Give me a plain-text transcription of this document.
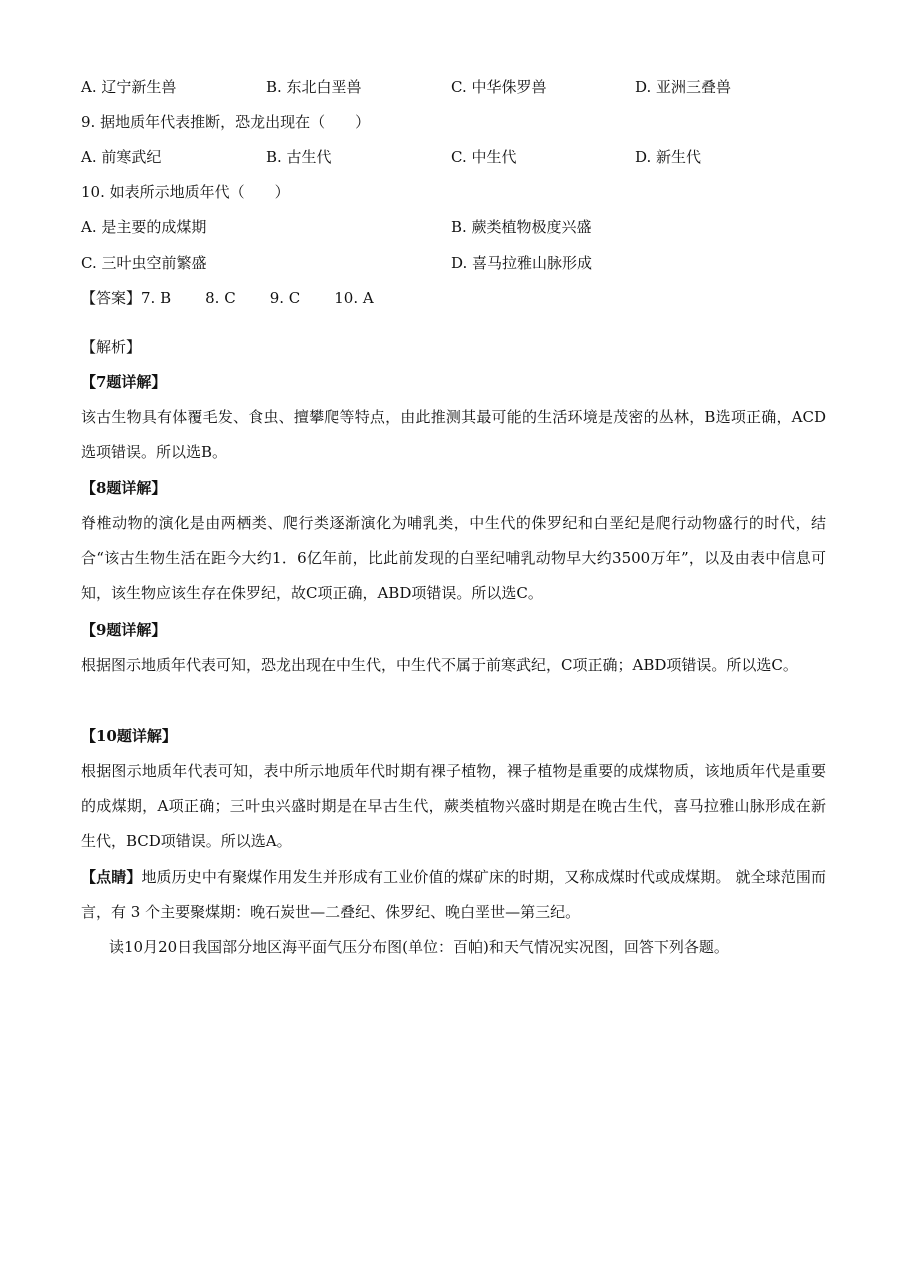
A. 辽宁新生兽	B. 东北白垩兽	C. 中华侏罗兽	D. 亚洲三叠兽
9. 据地质年代表推断，恐龙出现在（　　）
A. 前寒武纪	B. 古生代	C. 中生代	D. 新生代
10. 如表所示地质年代（　　）
A. 是主要的成煤期	B. 蕨类植物极度兴盛
C. 三叶虫空前繁盛	D. 喜马拉雅山脉形成
【答案】7. B 8. C 9. C 10. A
【解析】
【7题详解】
该古生物具有体覆毛发、食虫、擅攀爬等特点，由此推测其最可能的生活环境是茂密的丛林，B选项正确，ACD选项错误。所以选B。
【8题详解】
脊椎动物的演化是由两栖类、爬行类逐渐演化为哺乳类，中生代的侏罗纪和白垩纪是爬行动物盛行的时代，结合“该古生物生活在距今大约1．6亿年前，比此前发现的白垩纪哺乳动物早大约3500万年”，以及由表中信息可知，该生物应该生存在侏罗纪，故C项正确，ABD项错误。所以选C。
【9题详解】
根据图示地质年代表可知，恐龙出现在中生代，中生代不属于前寒武纪，C项正确；ABD项错误。所以选C。
【10题详解】
根据图示地质年代表可知，表中所示地质年代时期有裸子植物，裸子植物是重要的成煤物质，该地质年代是重要的成煤期，A项正确；三叶虫兴盛时期是在早古生代，蕨类植物兴盛时期是在晚古生代，喜马拉雅山脉形成在新生代，BCD项错误。所以选A。
【点睛】地质历史中有聚煤作用发生并形成有工业价值的煤矿床的时期，又称成煤时代或成煤期。 就全球范围而言，有 3 个主要聚煤期：晚石炭世—二叠纪、侏罗纪、晚白垩世—第三纪。
读10月20日我国部分地区海平面气压分布图(单位：百帕)和天气情况实况图，回答下列各题。
